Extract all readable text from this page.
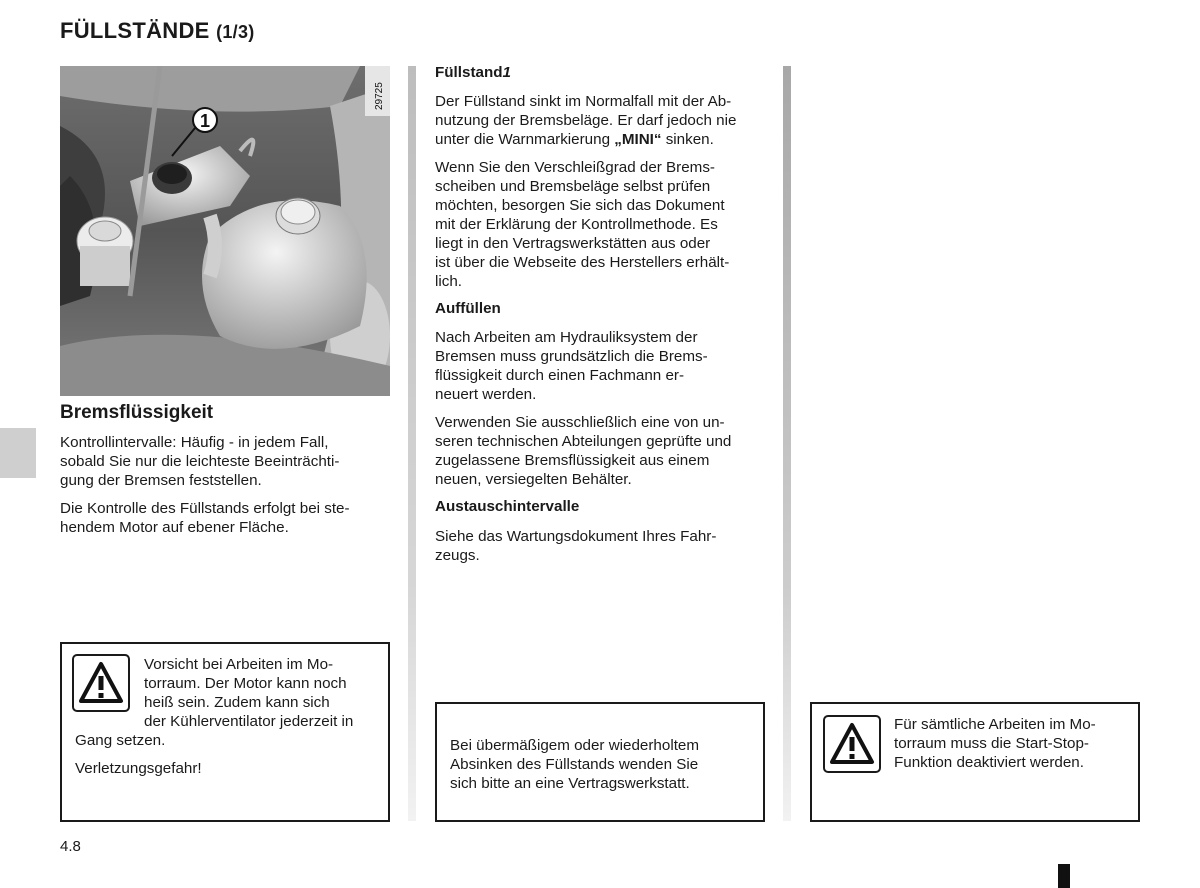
FÜLLSTÄNDE (1/3)
1
29725
Bremsflüssigkeit
Kontrollintervalle: Häufig - in jedem Fall,
sobald Sie nur die leichteste Beeinträchti-
gung der Bremsen feststellen.
Die Kontrolle des Füllstands erfolgt bei ste-
hendem Motor auf ebener Fläche.
Vorsicht bei Arbeiten im Mo-
torraum. Der Motor kann noch
heiß sein. Zudem kann sich
der Kühlerventilator jederzeit in
Gang setzen.
Verletzungsgefahr!
Füllstand1
Der Füllstand sinkt im Normalfall mit der Ab-
nutzung der Bremsbeläge. Er darf jedoch nie
unter die Warnmarkierung „MINI“ sinken.
Wenn Sie den Verschleißgrad der Brems-
scheiben und Bremsbeläge selbst prüfen
möchten, besorgen Sie sich das Dokument
mit der Erklärung der Kontrollmethode. Es
liegt in den Vertragswerkstätten aus oder
ist über die Webseite des Herstellers erhält-
lich.
Auffüllen
Nach Arbeiten am Hydrauliksystem der
Bremsen muss grundsätzlich die Brems-
flüssigkeit durch einen Fachmann er-
neuert werden.
Verwenden Sie ausschließlich eine von un-
seren technischen Abteilungen geprüfte und
zugelassene Bremsflüssigkeit aus einem
neuen, versiegelten Behälter.
Austauschintervalle
Siehe das Wartungsdokument Ihres Fahr-
zeugs.
Bei übermäßigem oder wiederholtem
Absinken des Füllstands wenden Sie
sich bitte an eine Vertragswerkstatt.
Für sämtliche Arbeiten im Mo-
torraum muss die Start-Stop-
Funktion deaktiviert werden.
4.8
